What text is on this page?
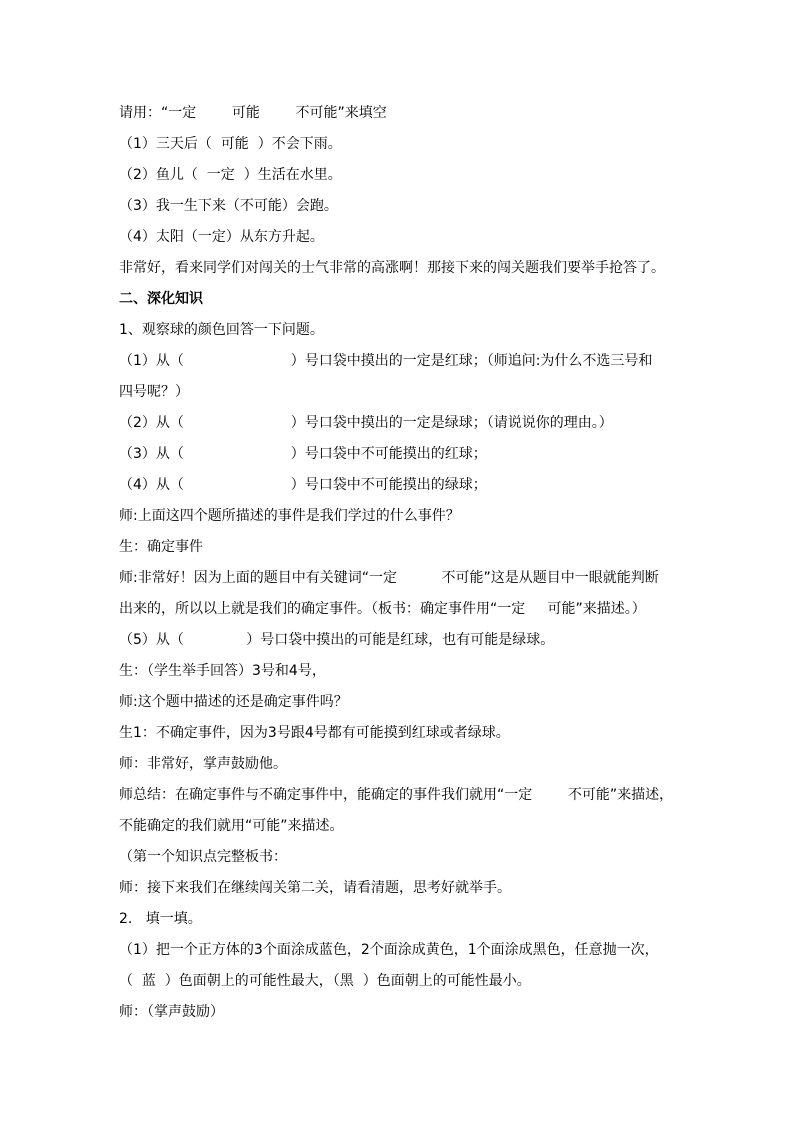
请用：“一定        可能        不可能”来填空
（1）三天后（  可能  ）不会下雨。
（2）鱼儿（  一定  ）生活在水里。
（3）我一生下来（不可能）会跑。
（4）太阳（一定）从东方升起。
非常好，看来同学们对闯关的士气非常的高涨啊！那接下来的闯关题我们要举手抢答了。
二、深化知识
1、观察球的颜色回答一下问题。
（1）从（                        ）号口袋中摸出的一定是红球；（师追问:为什么不选三号和
四号呢？）
（2）从（                        ）号口袋中摸出的一定是绿球；（请说说你的理由。）
（3）从（                        ）号口袋中不可能摸出的红球；
（4）从（                        ）号口袋中不可能摸出的绿球；
师:上面这四个题所描述的事件是我们学过的什么事件？
生：确定事件
师:非常好！因为上面的题目中有关键词“一定          不可能”这是从题目中一眼就能判断
出来的，所以以上就是我们的确定事件。（板书：确定事件用“一定     可能”来描述。）
（5）从（              ）号口袋中摸出的可能是红球，也有可能是绿球。
生：（学生举手回答）3号和4号，
师:这个题中描述的还是确定事件吗？
生1：不确定事件，因为3号跟4号都有可能摸到红球或者绿球。
师：非常好，掌声鼓励他。
师总结：在确定事件与不确定事件中，能确定的事件我们就用“一定        不可能”来描述，
不能确定的我们就用“可能”来描述。
（第一个知识点完整板书：
师：接下来我们在继续闯关第二关，请看清题，思考好就举手。
2.   填一填。
（1）把一个正方体的3个面涂成蓝色，2个面涂成黄色，1个面涂成黑色，任意抛一次，
（  蓝  ）色面朝上的可能性最大，（黑  ）色面朝上的可能性最小。
师：（掌声鼓励）
